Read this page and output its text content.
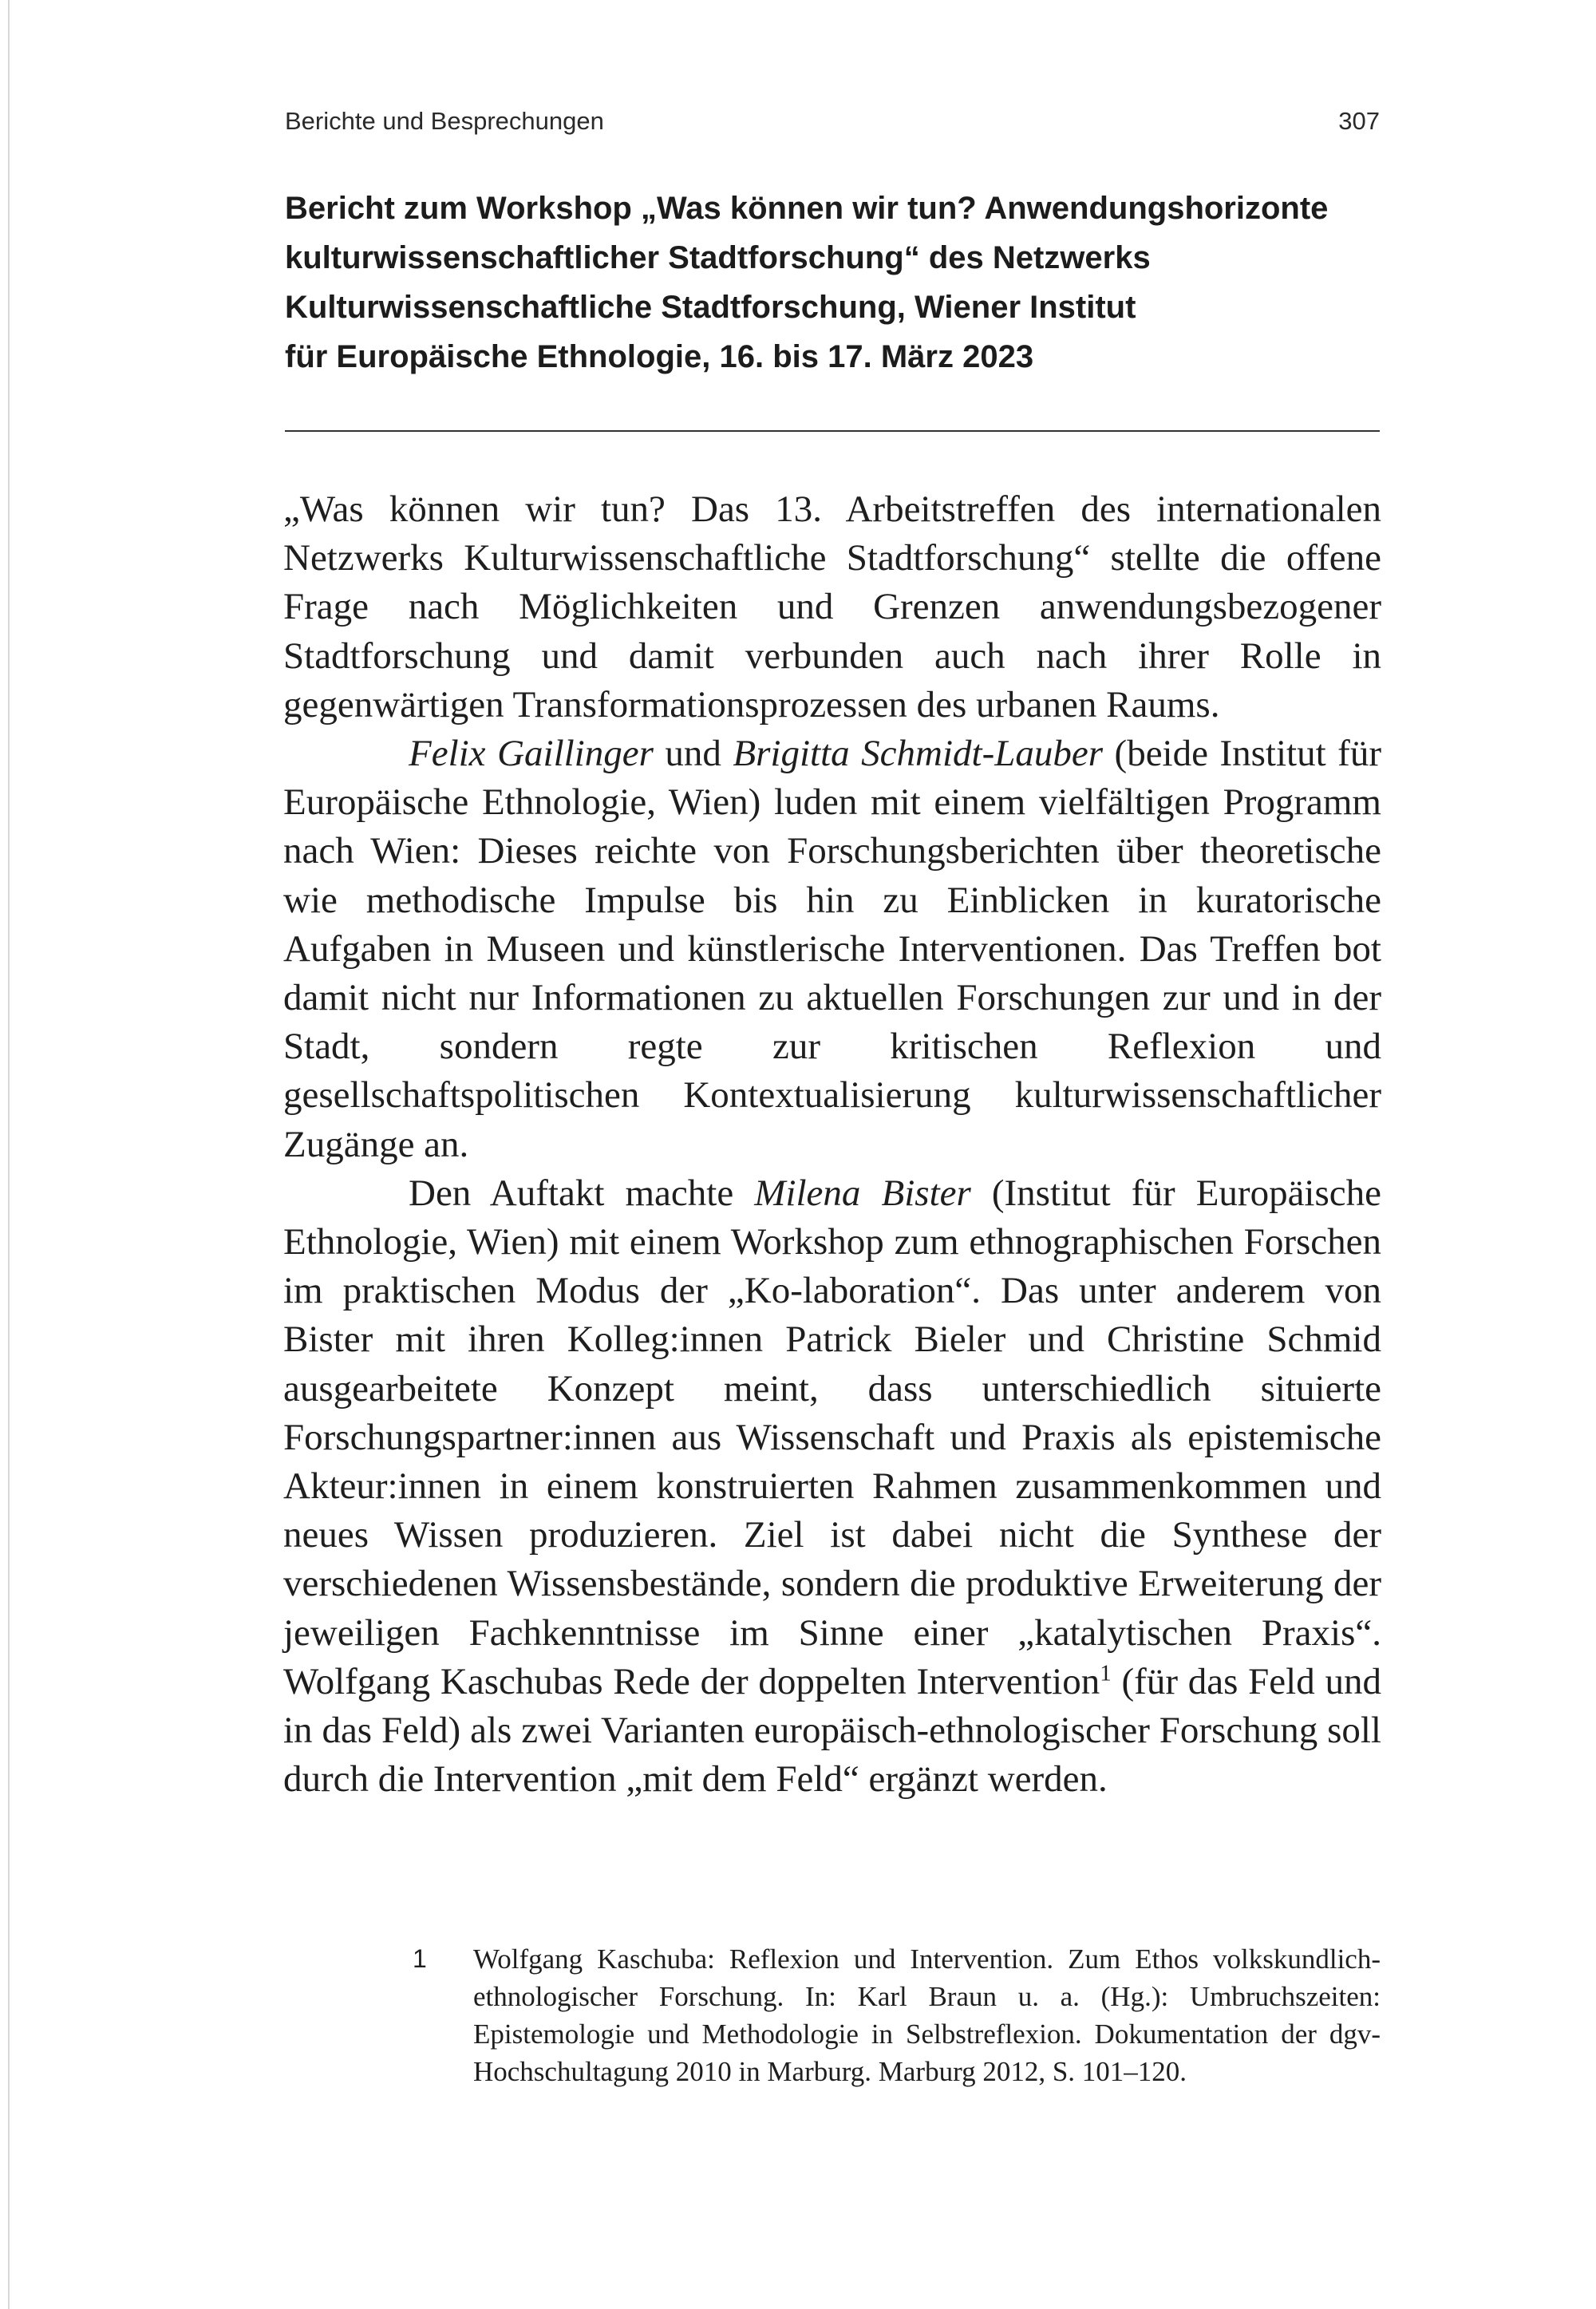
Berichte und Besprechungen	307
Bericht zum Workshop „Was können wir tun? Anwendungshorizonte
kulturwissenschaftlicher Stadtforschung“ des Netzwerks
Kulturwissenschaftliche Stadtforschung, Wiener Institut
für Europäische Ethnologie, 16. bis 17. März 2023

„Was können wir tun? Das 13. Arbeitstreffen des internationalen Netzwerks Kulturwissenschaftliche Stadtforschung“ stellte die offene Frage nach Möglichkeiten und Grenzen anwendungsbezogener Stadtforschung und damit verbunden auch nach ihrer Rolle in gegenwärtigen Transformationsprozessen des urbanen Raums.

Felix Gaillinger und Brigitta Schmidt-Lauber (beide Institut für Europäische Ethnologie, Wien) luden mit einem vielfältigen Programm nach Wien: Dieses reichte von Forschungsberichten über theoretische wie methodische Impulse bis hin zu Einblicken in kuratorische Aufgaben in Museen und künstlerische Interventionen. Das Treffen bot damit nicht nur Informationen zu aktuellen Forschungen zur und in der Stadt, sondern regte zur kritischen Reflexion und gesellschaftspolitischen Kontextualisierung kulturwissenschaftlicher Zugänge an.

Den Auftakt machte Milena Bister (Institut für Europäische Ethnologie, Wien) mit einem Workshop zum ethnographischen Forschen im praktischen Modus der „Ko-laboration“. Das unter anderem von Bister mit ihren Kolleg:innen Patrick Bieler und Christine Schmid ausgearbeitete Konzept meint, dass unterschiedlich situierte Forschungspartner:innen aus Wissenschaft und Praxis als epistemische Akteur:innen in einem konstruierten Rahmen zusammenkommen und neues Wissen produzieren. Ziel ist dabei nicht die Synthese der verschiedenen Wissensbestände, sondern die produktive Erweiterung der jeweiligen Fachkenntnisse im Sinne einer „katalytischen Praxis“. Wolfgang Kaschubas Rede der doppelten Intervention$^1$ (für das Feld und in das Feld) als zwei Varianten europäisch-ethnologischer Forschung soll durch die Intervention „mit dem Feld“ ergänzt werden.

1 Wolfgang Kaschuba: Reflexion und Intervention. Zum Ethos volkskundlich-ethnologischer Forschung. In: Karl Braun u. a. (Hg.): Umbruchszeiten: Epistemologie und Methodologie in Selbstreflexion. Dokumentation der dgv-Hochschultagung 2010 in Marburg. Marburg 2012, S. 101–120.
